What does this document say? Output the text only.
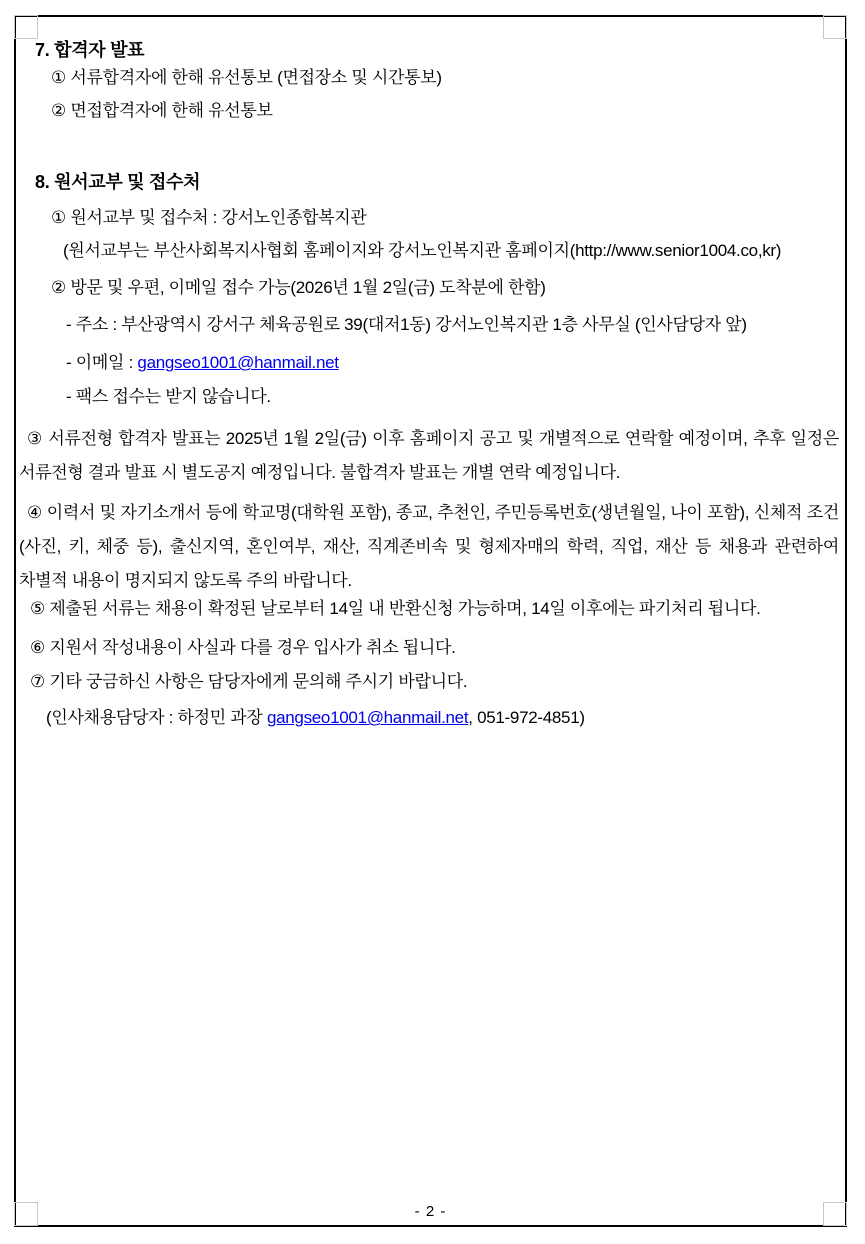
7. 합격자 발표
① 서류합격자에 한해 유선통보 (면접장소 및 시간통보)
② 면접합격자에 한해 유선통보
8. 원서교부 및 접수처
① 원서교부 및 접수처 : 강서노인종합복지관
(원서교부는 부산사회복지사협회 홈페이지와 강서노인복지관 홈페이지(http://www.senior1004.co,kr)
② 방문 및 우편, 이메일 접수 가능(2026년 1월 2일(금) 도착분에 한함)
- 주소 : 부산광역시 강서구 체육공원로 39(대저1동) 강서노인복지관 1층 사무실 (인사담당자 앞)
- 이메일 : gangseo1001@hanmail.net
- 팩스 접수는 받지 않습니다.
③ 서류전형 합격자 발표는 2025년 1월 2일(금) 이후 홈페이지 공고 및 개별적으로 연락할 예정이며, 추후 일정은 서류전형 결과 발표 시 별도공지 예정입니다. 불합격자 발표는 개별 연락 예정입니다.
④ 이력서 및 자기소개서 등에 학교명(대학원 포함), 종교, 추천인, 주민등록번호(생년월일, 나이 포함), 신체적 조건(사진, 키, 체중 등), 출신지역, 혼인여부, 재산, 직계존비속 및 형제자매의 학력, 직업, 재산 등 채용과 관련하여 차별적 내용이 명지되지 않도록 주의 바랍니다.
⑤ 제출된 서류는 채용이 확정된 날로부터 14일 내 반환신청 가능하며, 14일 이후에는 파기처리 됩니다.
⑥ 지원서 작성내용이 사실과 다를 경우 입사가 취소 됩니다.
⑦ 기타 궁금하신 사항은 담당자에게 문의해 주시기 바랍니다.
(인사채용담당자 : 하정민 과장 gangseo1001@hanmail.net, 051-972-4851)
- 2 -
